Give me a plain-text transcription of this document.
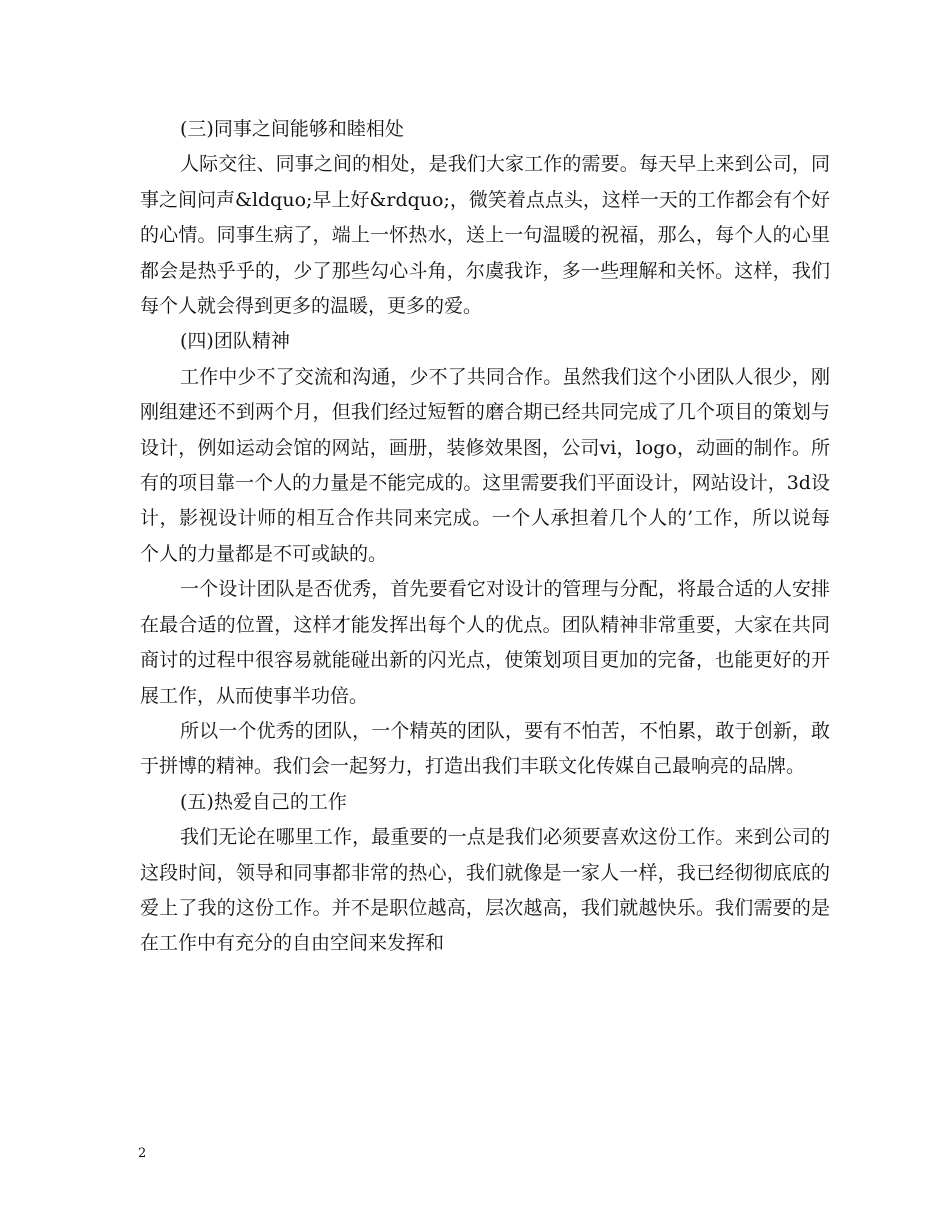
(三)同事之间能够和睦相处

人际交往、同事之间的相处，是我们大家工作的需要。每天早上来到公司，同事之间问声&ldquo;早上好&rdquo;，微笑着点点头，这样一天的工作都会有个好的心情。同事生病了，端上一怀热水，送上一句温暖的祝福，那么，每个人的心里都会是热乎乎的，少了那些勾心斗角，尔虞我诈，多一些理解和关怀。这样，我们每个人就会得到更多的温暖，更多的爱。

(四)团队精神

工作中少不了交流和沟通，少不了共同合作。虽然我们这个小团队人很少，刚刚组建还不到两个月，但我们经过短暂的磨合期已经共同完成了几个项目的策划与设计，例如运动会馆的网站，画册，装修效果图，公司vi，logo，动画的制作。所有的项目靠一个人的力量是不能完成的。这里需要我们平面设计，网站设计，3d设计，影视设计师的相互合作共同来完成。一个人承担着几个人的’工作，所以说每个人的力量都是不可或缺的。

一个设计团队是否优秀，首先要看它对设计的管理与分配，将最合适的人安排在最合适的位置，这样才能发挥出每个人的优点。团队精神非常重要，大家在共同商讨的过程中很容易就能碰出新的闪光点，使策划项目更加的完备，也能更好的开展工作，从而使事半功倍。

所以一个优秀的团队，一个精英的团队，要有不怕苦，不怕累，敢于创新，敢于拼博的精神。我们会一起努力，打造出我们丰联文化传媒自己最响亮的品牌。

(五)热爱自己的工作

我们无论在哪里工作，最重要的一点是我们必须要喜欢这份工作。来到公司的这段时间，领导和同事都非常的热心，我们就像是一家人一样，我已经彻彻底底的爱上了我的这份工作。并不是职位越高，层次越高，我们就越快乐。我们需要的是在工作中有充分的自由空间来发挥和

2
